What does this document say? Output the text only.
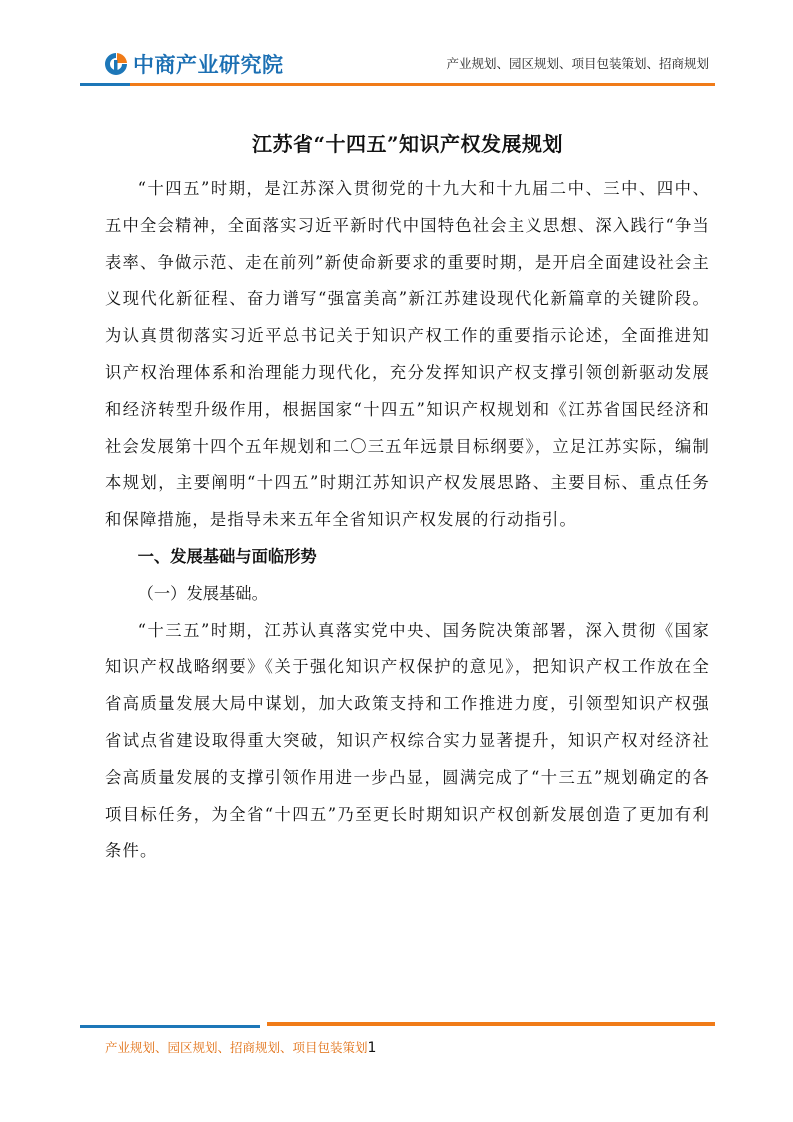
中商产业研究院	产业规划、园区规划、项目包装策划、招商规划
江苏省“十四五”知识产权发展规划

“十四五”时期，是江苏深入贯彻党的十九大和十九届二中、三中、四中、五中全会精神，全面落实习近平新时代中国特色社会主义思想、深入践行“争当表率、争做示范、走在前列”新使命新要求的重要时期，是开启全面建设社会主义现代化新征程、奋力谱写“强富美高”新江苏建设现代化新篇章的关键阶段。为认真贯彻落实习近平总书记关于知识产权工作的重要指示论述，全面推进知识产权治理体系和治理能力现代化，充分发挥知识产权支撑引领创新驱动发展和经济转型升级作用，根据国家“十四五”知识产权规划和《江苏省国民经济和社会发展第十四个五年规划和二〇三五年远景目标纲要》，立足江苏实际，编制本规划，主要阐明“十四五”时期江苏知识产权发展思路、主要目标、重点任务和保障措施，是指导未来五年全省知识产权发展的行动指引。

一、发展基础与面临形势

（一）发展基础。

“十三五”时期，江苏认真落实党中央、国务院决策部署，深入贯彻《国家知识产权战略纲要》《关于强化知识产权保护的意见》，把知识产权工作放在全省高质量发展大局中谋划，加大政策支持和工作推进力度，引领型知识产权强省试点省建设取得重大突破，知识产权综合实力显著提升，知识产权对经济社会高质量发展的支撑引领作用进一步凸显，圆满完成了“十三五”规划确定的各项目标任务，为全省“十四五”乃至更长时期知识产权创新发展创造了更加有利条件。

产业规划、园区规划、招商规划、项目包装策划1
